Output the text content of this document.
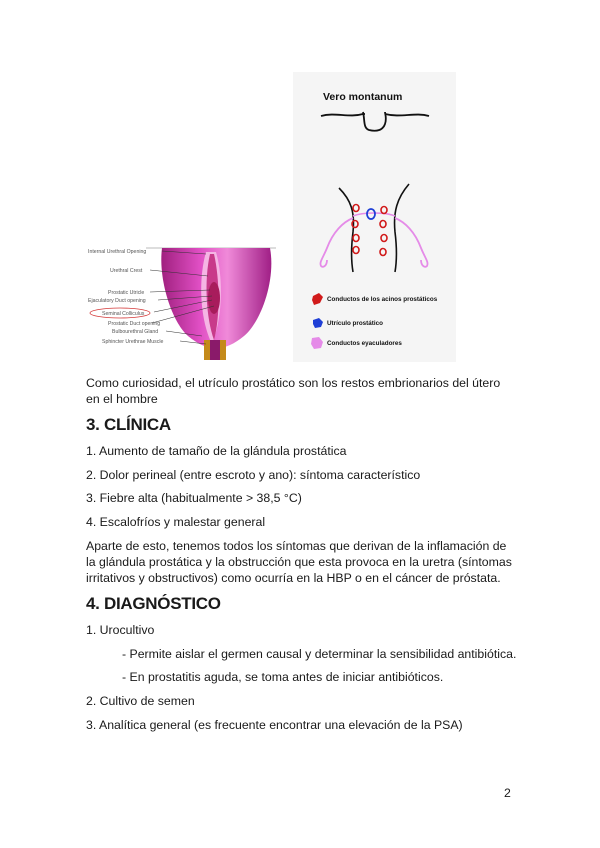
Internal Urethral Opening
Urethral Crest
Prostatic Utricle
Ejaculatory Duct opening
Seminal Colliculus
Prostatic Duct opening
Bulbourethral Gland
Sphincter Urethrae Muscle
Vero montanum
Conductos de los acinos prostáticos
Utrículo prostático
Conductos eyaculadores

Como curiosidad, el utrículo prostático son los restos embrionarios del útero en el hombre

3. CLÍNICA

1. Aumento de tamaño de la glándula prostática

2. Dolor perineal (entre escroto y ano): síntoma característico

3. Fiebre alta (habitualmente > 38,5 °C)

4. Escalofríos y malestar general

Aparte de esto, tenemos todos los síntomas que derivan de la inflamación de la glándula prostática y la obstrucción que esta provoca en la uretra (síntomas irritativos y obstructivos) como ocurría en la HBP o en el cáncer de próstata.

4. DIAGNÓSTICO

1. Urocultivo

- Permite aislar el germen causal y determinar la sensibilidad antibiótica.

- En prostatitis aguda, se toma antes de iniciar antibióticos.

2. Cultivo de semen

3. Analítica general (es frecuente encontrar una elevación de la PSA)

2
